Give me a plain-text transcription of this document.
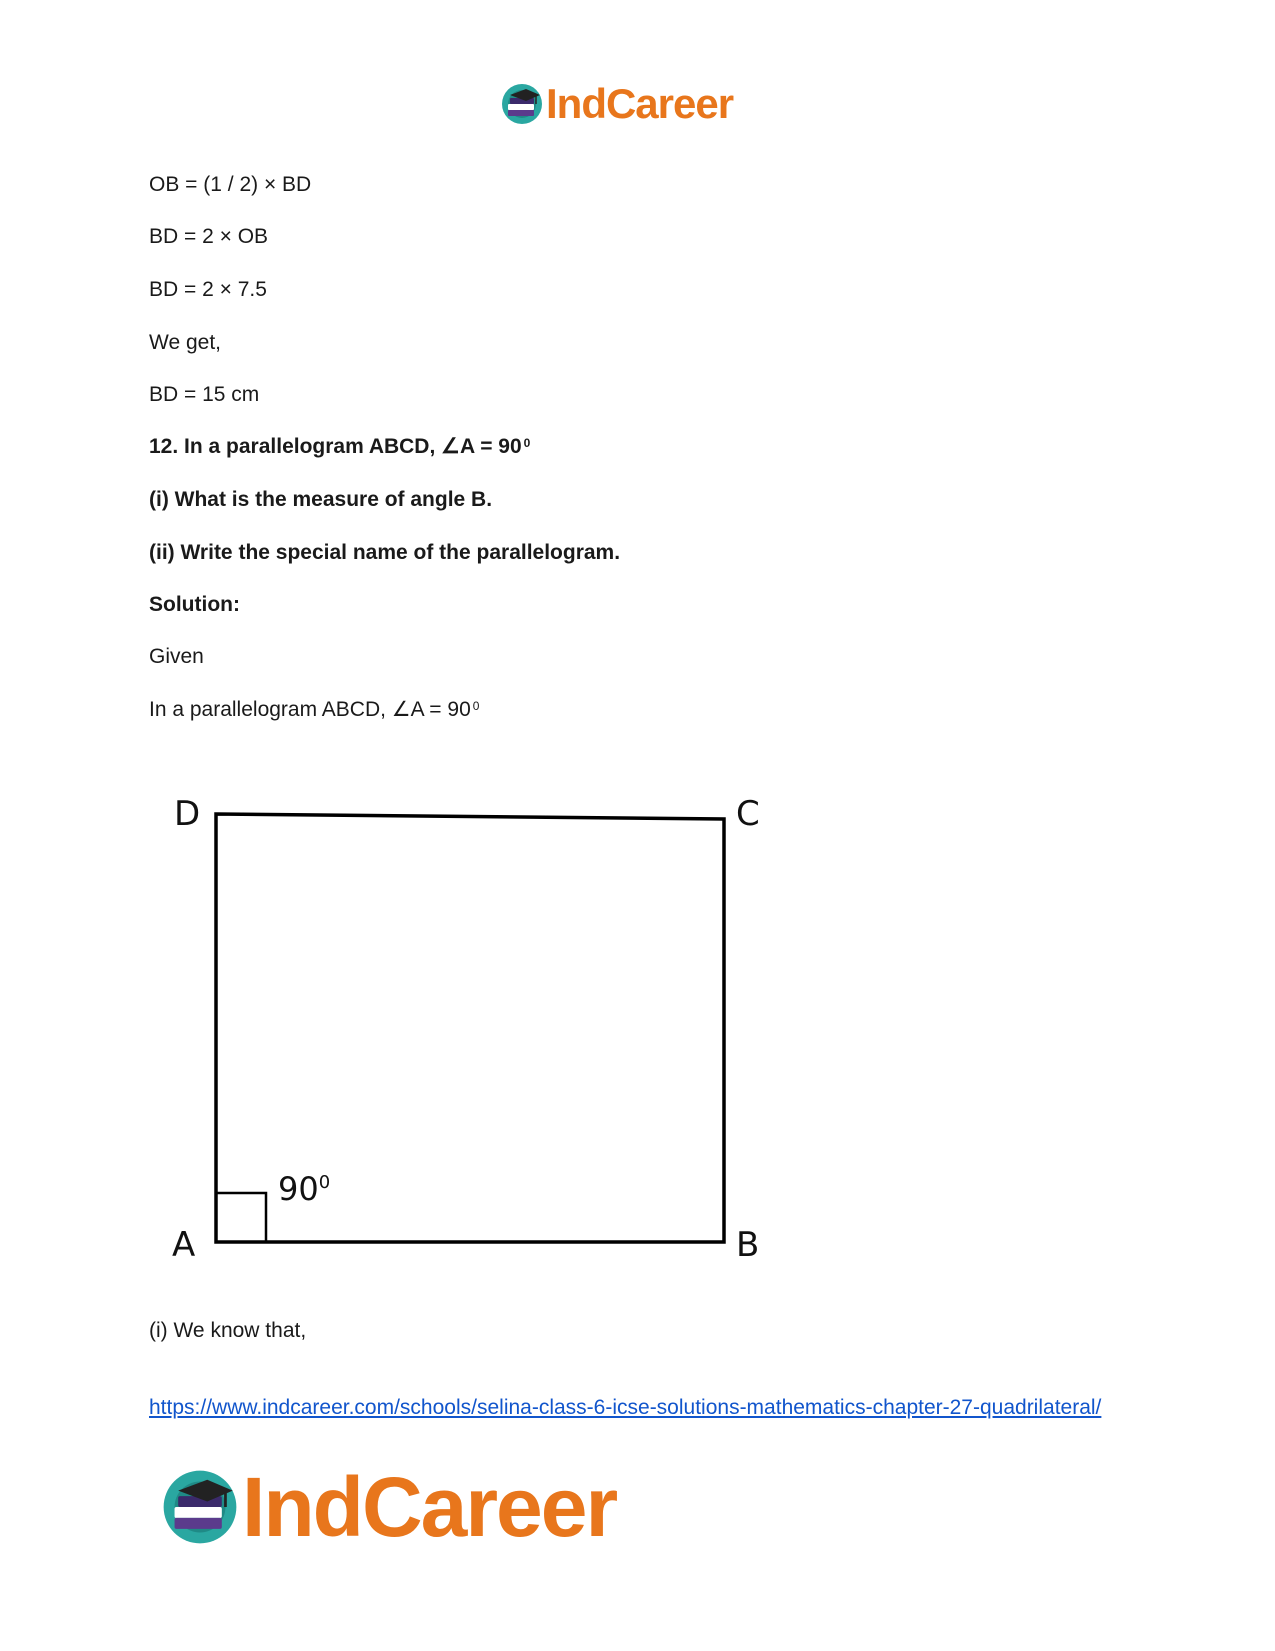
IndCareer
OB = (1 / 2) × BD
BD = 2 × OB
BD = 2 × 7.5
We get,
BD = 15 cm
12. In a parallelogram ABCD, ∠A = 90 $^0$
(i) What is the measure of angle B.
(ii) Write the special name of the parallelogram.
Solution:
Given
In a parallelogram ABCD, ∠A = 90 $^0$
D	C
A	B
$90^0$
(i) We know that,
https://www.indcareer.com/schools/selina-class-6-icse-solutions-mathematics-chapter-27-quadrilateral/
IndCareer
